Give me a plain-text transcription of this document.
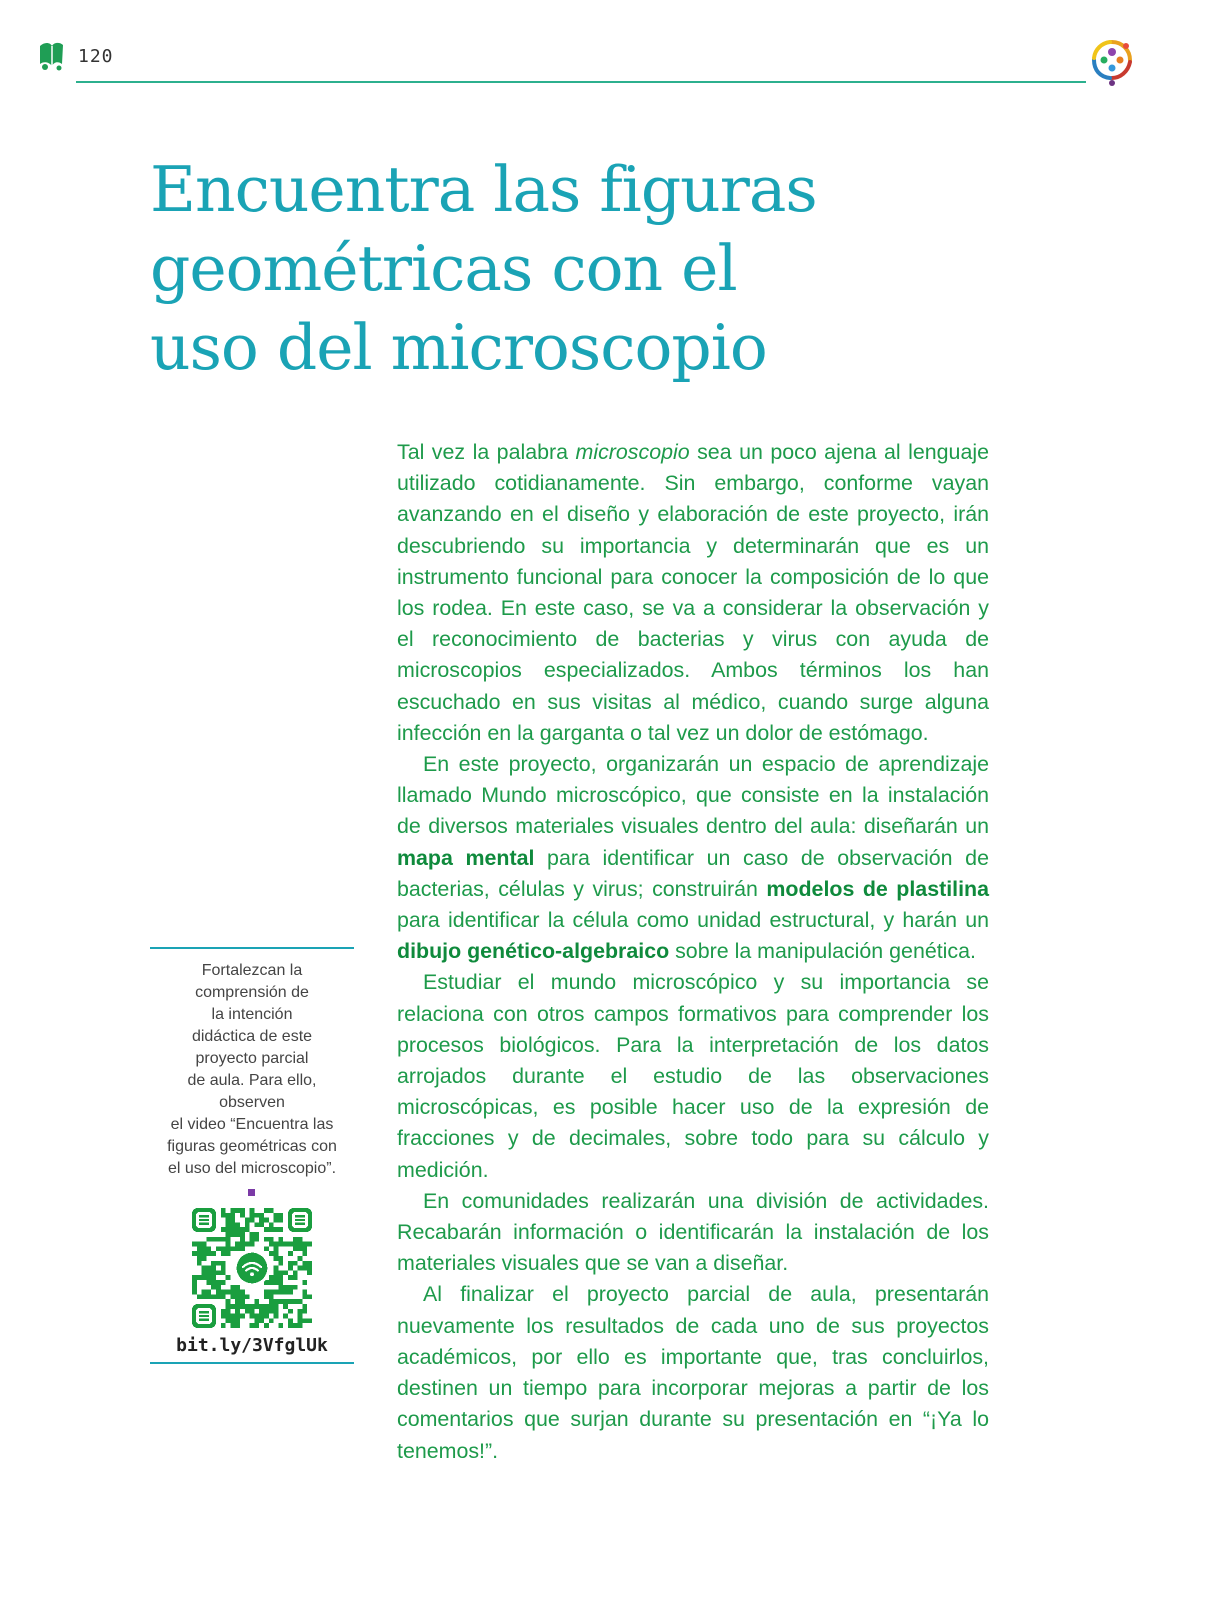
120
Encuentra las figuras
geométricas con el
uso del microscopio

Tal vez la palabra microscopio sea un poco ajena al lenguaje utilizado cotidianamente. Sin embargo, conforme vayan avanzando en el diseño y elaboración de este proyecto, irán descubriendo su importancia y determinarán que es un instrumento funcional para conocer la composición de lo que los rodea. En este caso, se va a considerar la observación y el reconocimiento de bacterias y virus con ayuda de microscopios especializados. Ambos términos los han escuchado en sus visitas al médico, cuando surge alguna infección en la garganta o tal vez un dolor de estómago.

En este proyecto, organizarán un espacio de aprendizaje llamado Mundo microscópico, que consiste en la instalación de diversos materiales visuales dentro del aula: diseñarán un mapa mental para identificar un caso de observación de bacterias, células y virus; construirán modelos de plastilina para identificar la célula como unidad estructural, y harán un dibujo genético-algebraico sobre la manipulación genética.

Estudiar el mundo microscópico y su importancia se relaciona con otros campos formativos para comprender los procesos biológicos. Para la interpretación de los datos arrojados durante el estudio de las observaciones microscópicas, es posible hacer uso de la expresión de fracciones y de decimales, sobre todo para su cálculo y medición.

En comunidades realizarán una división de actividades. Recabarán información o identificarán la instalación de los materiales visuales que se van a diseñar.

Al finalizar el proyecto parcial de aula, presentarán nuevamente los resultados de cada uno de sus proyectos académicos, por ello es importante que, tras concluirlos, destinen un tiempo para incorporar mejoras a partir de los comentarios que surjan durante su presentación en “¡Ya lo tenemos!”.

Fortalezcan la
comprensión de
la intención
didáctica de este
proyecto parcial
de aula. Para ello,
observen
el video “Encuentra las
figuras geométricas con
el uso del microscopio”.

bit.ly/3VfglUk
